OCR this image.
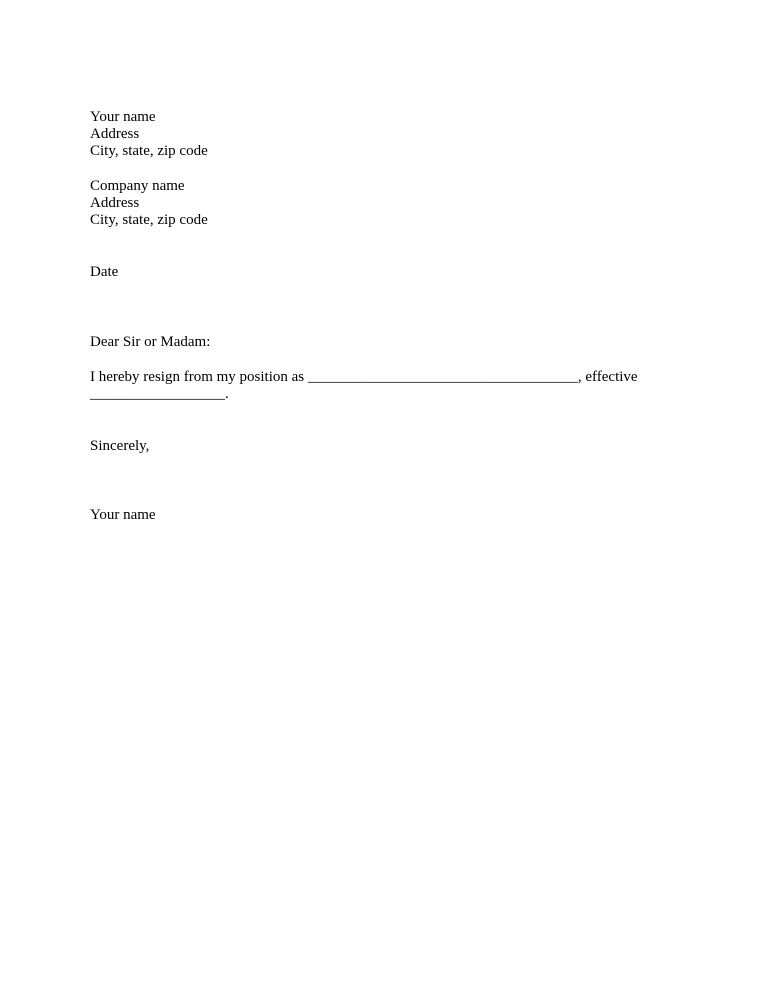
Your name
Address
City, state, zip code
Company name
Address
City, state, zip code
Date
Dear Sir or Madam:
I hereby resign from my position as ____________________________________, effective
__________________.
Sincerely,
Your name
